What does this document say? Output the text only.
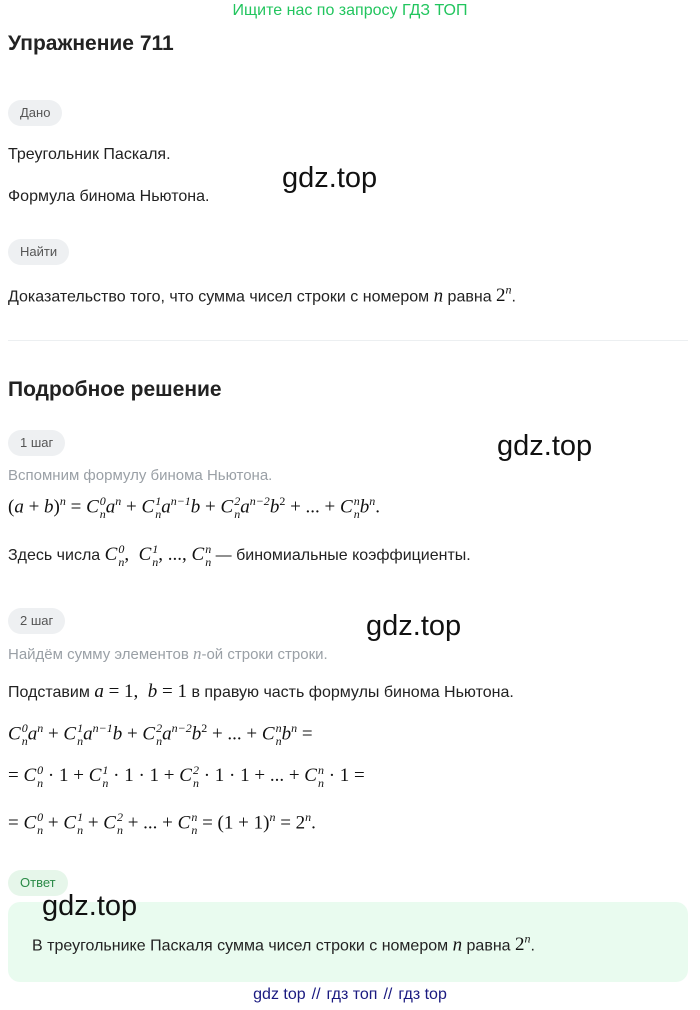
Ищите нас по запросу ГДЗ ТОП
Упражнение 711
Дано
Треугольник Паскаля.
Формула бинома Ньютона.
gdz.top
Найти
Доказательство того, что сумма чисел строки с номером n равна 2$^n$.
Подробное решение
1 шаг	gdz.top
Вспомним формулу бинома Ньютона.
$(a + b)^n = C$ 0
n $a^n + C$ 1
n $a^{n-1}b + C$ 2
n $a^{n-2}b^2$ + ... + C n
n $b^n$.
Здесь числа C 0
n ,  C 1
n , ..., C n
n — биномиальные коэффициенты.
2 шаг	gdz.top
Найдём сумму элементов n-ой строки строки.
Подставим a = 1,  b = 1 в правую часть формулы бинома Ньютона.
C 0
n $a^n + C$ 1
n $a^{n-1}b + C$ 2
n $a^{n-2}b^2$ + ... + C n
n $b^n$ =
= C 0
n · 1 + C 1
n · 1 · 1 + C 2
n · 1 · 1 + ... + C n
n · 1 =
= C 0
n + C 1
n + C 2
n + ... + C n
$n = (1 + 1)^n = 2^n$.
Ответ
gdz.top
В треугольнике Паскаля сумма чисел строки с номером n равна 2$^n$.
gdz top // гдз топ // гдз top
